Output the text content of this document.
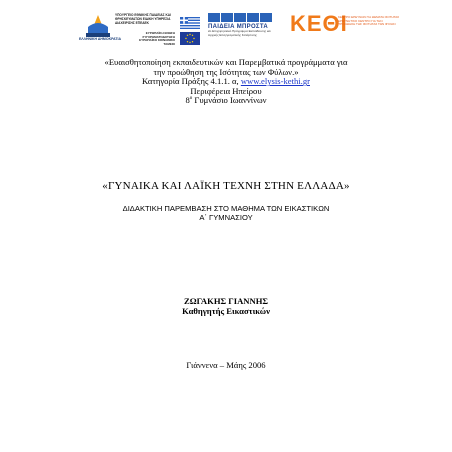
ΕΛΛΗΝΙΚΗ ΔΗΜΟΚΡΑΤΙΑ
ΥΠΟΥΡΓΕΙΟ ΕΘΝΙΚΗΣ ΠΑΙΔΕΙΑΣ ΚΑΙ ΘΡΗΣΚΕΥΜΑΤΩΝ ΕΙΔΙΚΗ ΥΠΗΡΕΣΙΑ ΔΙΑΧΕΙΡΙΣΗΣ ΕΠΕΑΕΚ
ΕΥΡΩΠΑΪΚΗ ΕΝΩΣΗ ΣΥΓΧΡΗΜΑΤΟΔΟΤΗΣΗ ΕΥΡΩΠΑΪΚΟ ΚΟΙΝΩΝΙΚΟ ΤΑΜΕΙΟ
ΠΑΙΔΕΙΑ ΜΠΡΟΣΤΑ
2ο Επιχειρησιακό Πρόγραμμα Εκπαίδευσης και Αρχικής Επαγγελματικής Κατάρτισης	ΚΕΘΙ
ΚΕΝΤΡΟ ΕΡΕΥΝΩΝ ΓΙΑ ΘΕΜΑΤΑ ΙΣΟΤΗΤΑΣ ΕΡΕΥΝΗΤΙΚΟ ΚΕΝΤΡΟ ΓΙΑ ΤΗΝ ΠΡΟΩΘΗΣΗ ΤΗΣ ΙΣΟΤΗΤΑΣ ΤΩΝ ΦΥΛΩΝ
«Ευαισθητοποίηση εκπαιδευτικών και Παρεμβατικά προγράμματα για
την προώθηση της Ισότητας των Φύλων.»
Κατηγορία Πράξης 4.1.1. α, www.elysis-kethi.gr
Περιφέρεια Ηπείρου
$8^o$ Γυμνάσιο Ιωαννίνων
«ΓΥΝΑΙΚΑ ΚΑΙ ΛΑΪΚΗ ΤΕΧΝΗ ΣΤΗΝ ΕΛΛΑΔΑ»
ΔΙΔΑΚΤΙΚΗ ΠΑΡΕΜΒΑΣΗ ΣΤΟ ΜΑΘΗΜΑ ΤΩΝ ΕΙΚΑΣΤΙΚΩΝ
Α΄ ΓΥΜΝΑΣΙΟΥ
ΖΩΓΑΚΗΣ ΓΙΑΝΝΗΣ
Καθηγητής Εικαστικών
Γιάννενα – Μάης 2006
